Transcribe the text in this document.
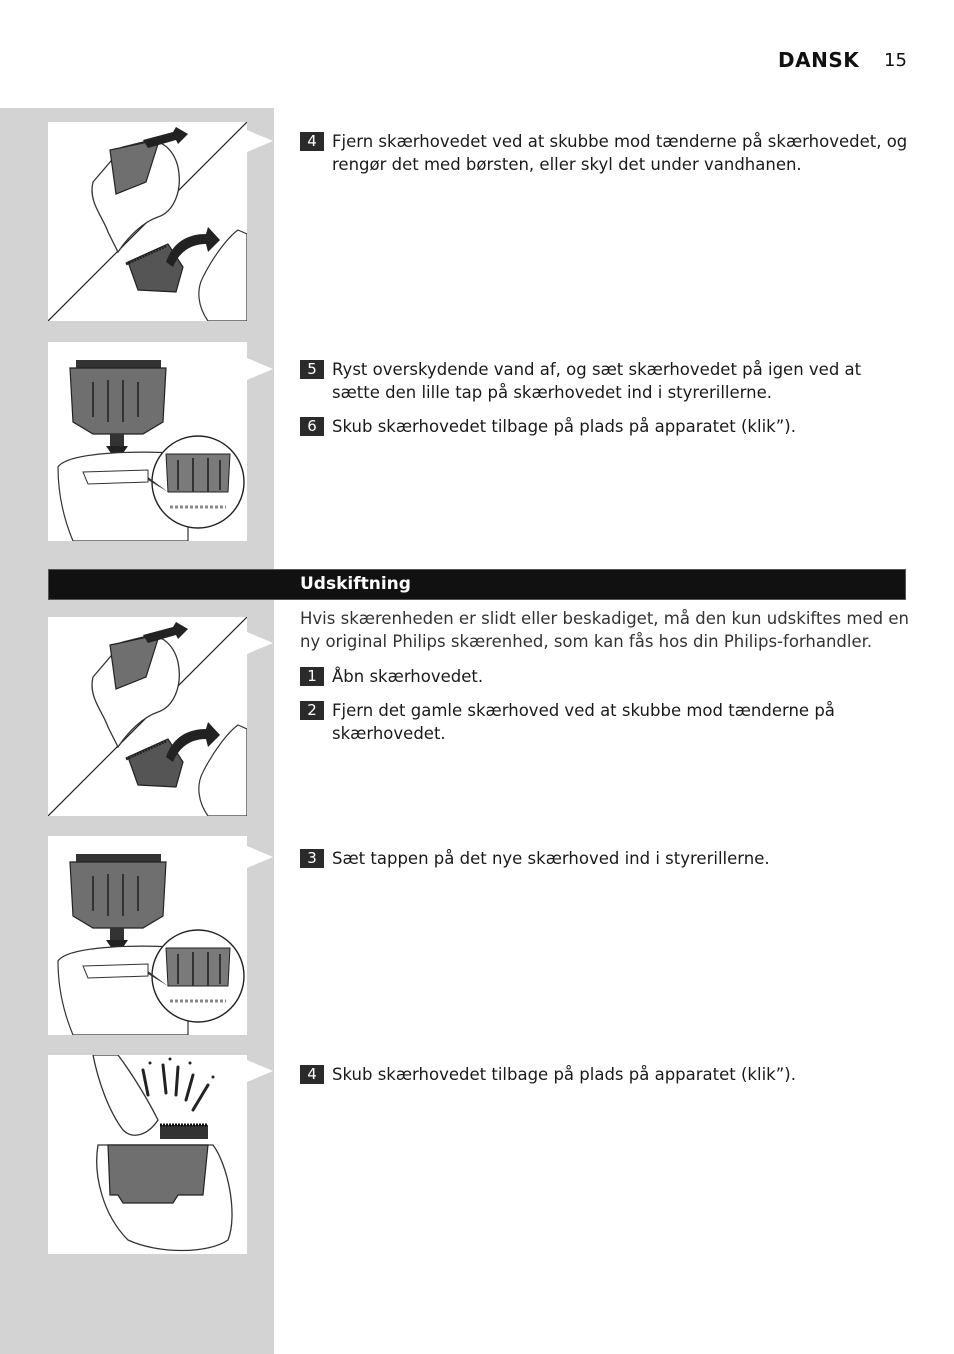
DANSK 15
4 Fjern skærhovedet ved at skubbe mod tænderne på skærhovedet, og rengør det med børsten, eller skyl det under vandhanen.
5 Ryst overskydende vand af, og sæt skærhovedet på igen ved at sætte den lille tap på skærhovedet ind i styrerillerne.
6 Skub skærhovedet tilbage på plads på apparatet (klik”).
Udskiftning
Hvis skærenheden er slidt eller beskadiget, må den kun udskiftes med en ny original Philips skærenhed, som kan fås hos din Philips-forhandler.
1 Åbn skærhovedet.
2 Fjern det gamle skærhoved ved at skubbe mod tænderne på skærhovedet.
3 Sæt tappen på det nye skærhoved ind i styrerillerne.
4 Skub skærhovedet tilbage på plads på apparatet (klik”).
